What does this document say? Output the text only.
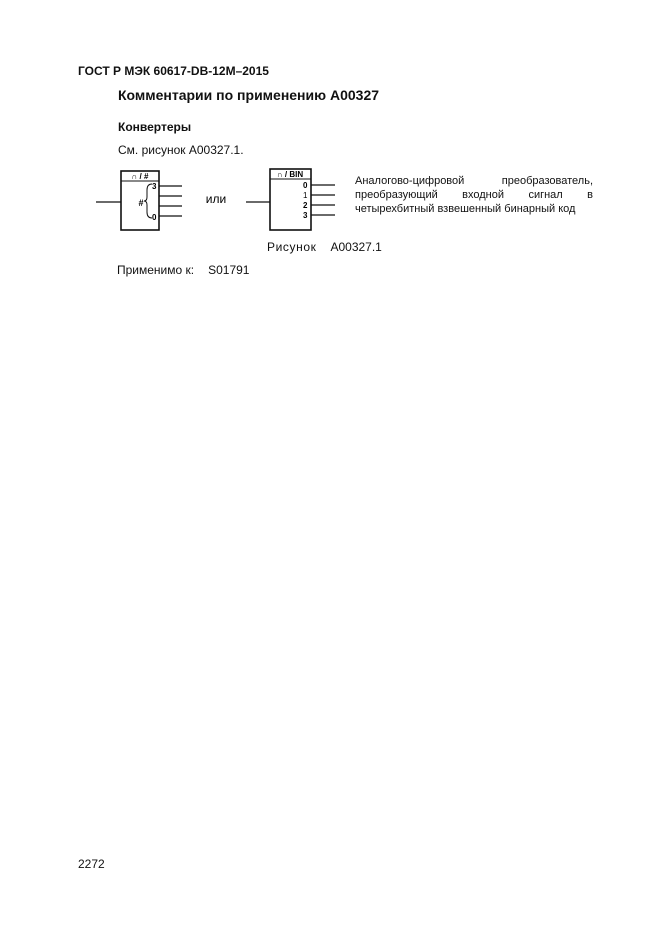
ГОСТ Р МЭК 60617-DB-12M–2015
Комментарии по применению A00327
Конвертеры
См. рисунок A00327.1.
∩ / #
#
3
0
или
∩ / BIN
0
1
2
3
Аналогово-цифровой преобразователь, преобразующий входной сигнал в четырехбитный взвешенный бинарный код
Рисунок A00327.1
Применимо к: S01791
2272
